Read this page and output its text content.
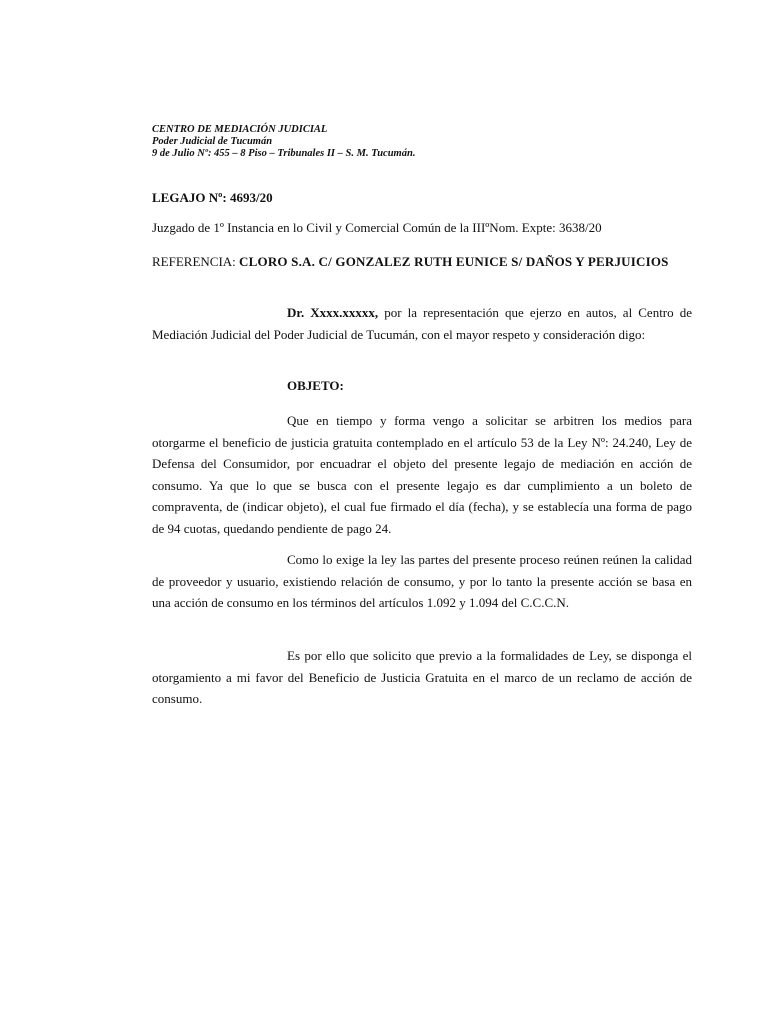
CENTRO DE MEDIACIÓN JUDICIAL
Poder Judicial de Tucumán
9 de Julio Nº: 455 – 8 Piso – Tribunales II – S. M. Tucumán.
LEGAJO Nº: 4693/20
Juzgado de 1º Instancia en lo Civil y Comercial Común de la IIIºNom. Expte: 3638/20
REFERENCIA: CLORO S.A. C/ GONZALEZ RUTH EUNICE S/ DAÑOS Y PERJUICIOS
Dr. Xxxx.xxxxx, por la representación que ejerzo en autos, al Centro de Mediación Judicial del Poder Judicial de Tucumán, con el mayor respeto y consideración digo:
OBJETO:
Que en tiempo y forma vengo a solicitar se arbitren los medios para otorgarme el beneficio de justicia gratuita contemplado en el artículo 53 de la Ley Nº: 24.240, Ley de Defensa del Consumidor, por encuadrar el objeto del presente legajo de mediación en acción de consumo. Ya que lo que se busca con el presente legajo es dar cumplimiento a un boleto de compraventa, de (indicar objeto), el cual fue firmado el día (fecha), y se establecía una forma de pago de 94 cuotas, quedando pendiente de pago 24.
Como lo exige la ley las partes del presente proceso reúnen reúnen la calidad de proveedor y usuario, existiendo relación de consumo, y por lo tanto la presente acción se basa en una acción de consumo en los términos del artículos 1.092 y 1.094 del C.C.C.N.
Es por ello que solicito que previo a la formalidades de Ley, se disponga el otorgamiento a mi favor del Beneficio de Justicia Gratuita en el marco de un reclamo de acción de consumo.
